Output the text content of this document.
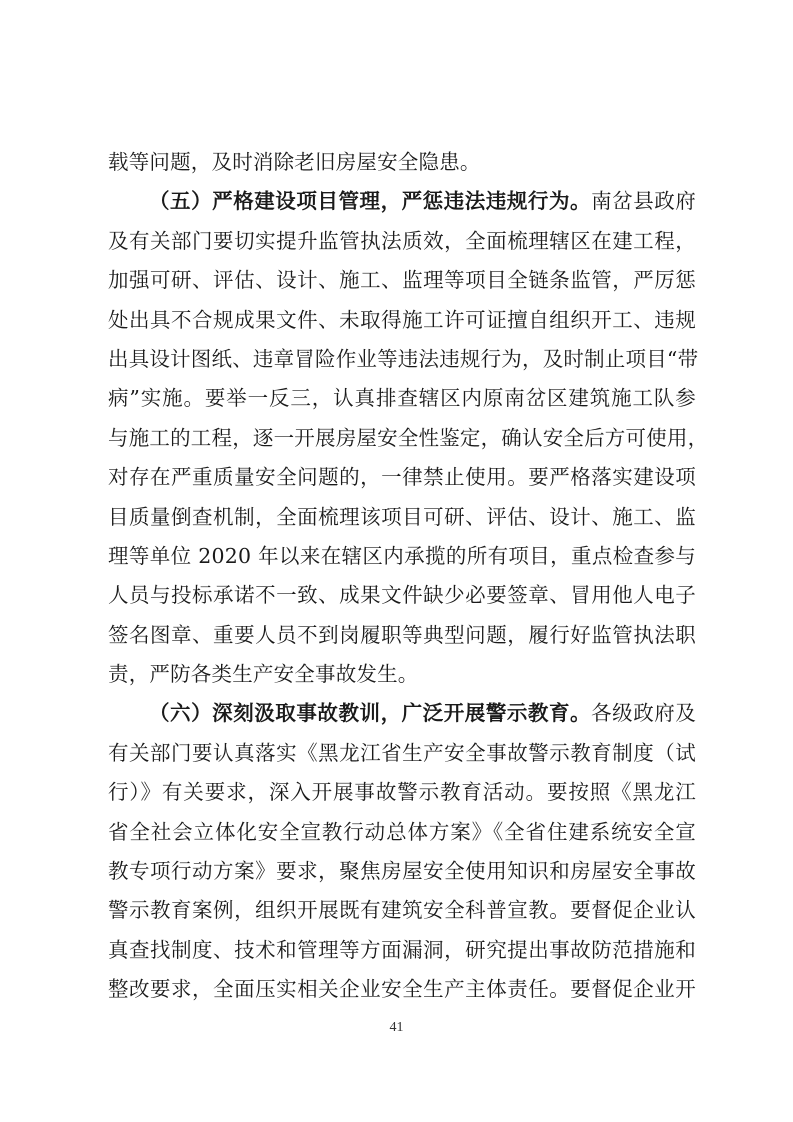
载等问题，及时消除老旧房屋安全隐患。
（五）严格建设项目管理，严惩违法违规行为。南岔县政府
及有关部门要切实提升监管执法质效，全面梳理辖区在建工程，
加强可研、评估、设计、施工、监理等项目全链条监管，严厉惩
处出具不合规成果文件、未取得施工许可证擅自组织开工、违规
出具设计图纸、违章冒险作业等违法违规行为，及时制止项目“带
病”实施。要举一反三，认真排查辖区内原南岔区建筑施工队参
与施工的工程，逐一开展房屋安全性鉴定，确认安全后方可使用，
对存在严重质量安全问题的，一律禁止使用。要严格落实建设项
目质量倒查机制，全面梳理该项目可研、评估、设计、施工、监
理等单位 2020 年以来在辖区内承揽的所有项目，重点检查参与
人员与投标承诺不一致、成果文件缺少必要签章、冒用他人电子
签名图章、重要人员不到岗履职等典型问题，履行好监管执法职
责，严防各类生产安全事故发生。
（六）深刻汲取事故教训，广泛开展警示教育。各级政府及
有关部门要认真落实《黑龙江省生产安全事故警示教育制度（试
行）》有关要求，深入开展事故警示教育活动。要按照《黑龙江
省全社会立体化安全宣教行动总体方案》《全省住建系统安全宣
教专项行动方案》要求，聚焦房屋安全使用知识和房屋安全事故
警示教育案例，组织开展既有建筑安全科普宣教。要督促企业认
真查找制度、技术和管理等方面漏洞，研究提出事故防范措施和
整改要求，全面压实相关企业安全生产主体责任。要督促企业开
41
